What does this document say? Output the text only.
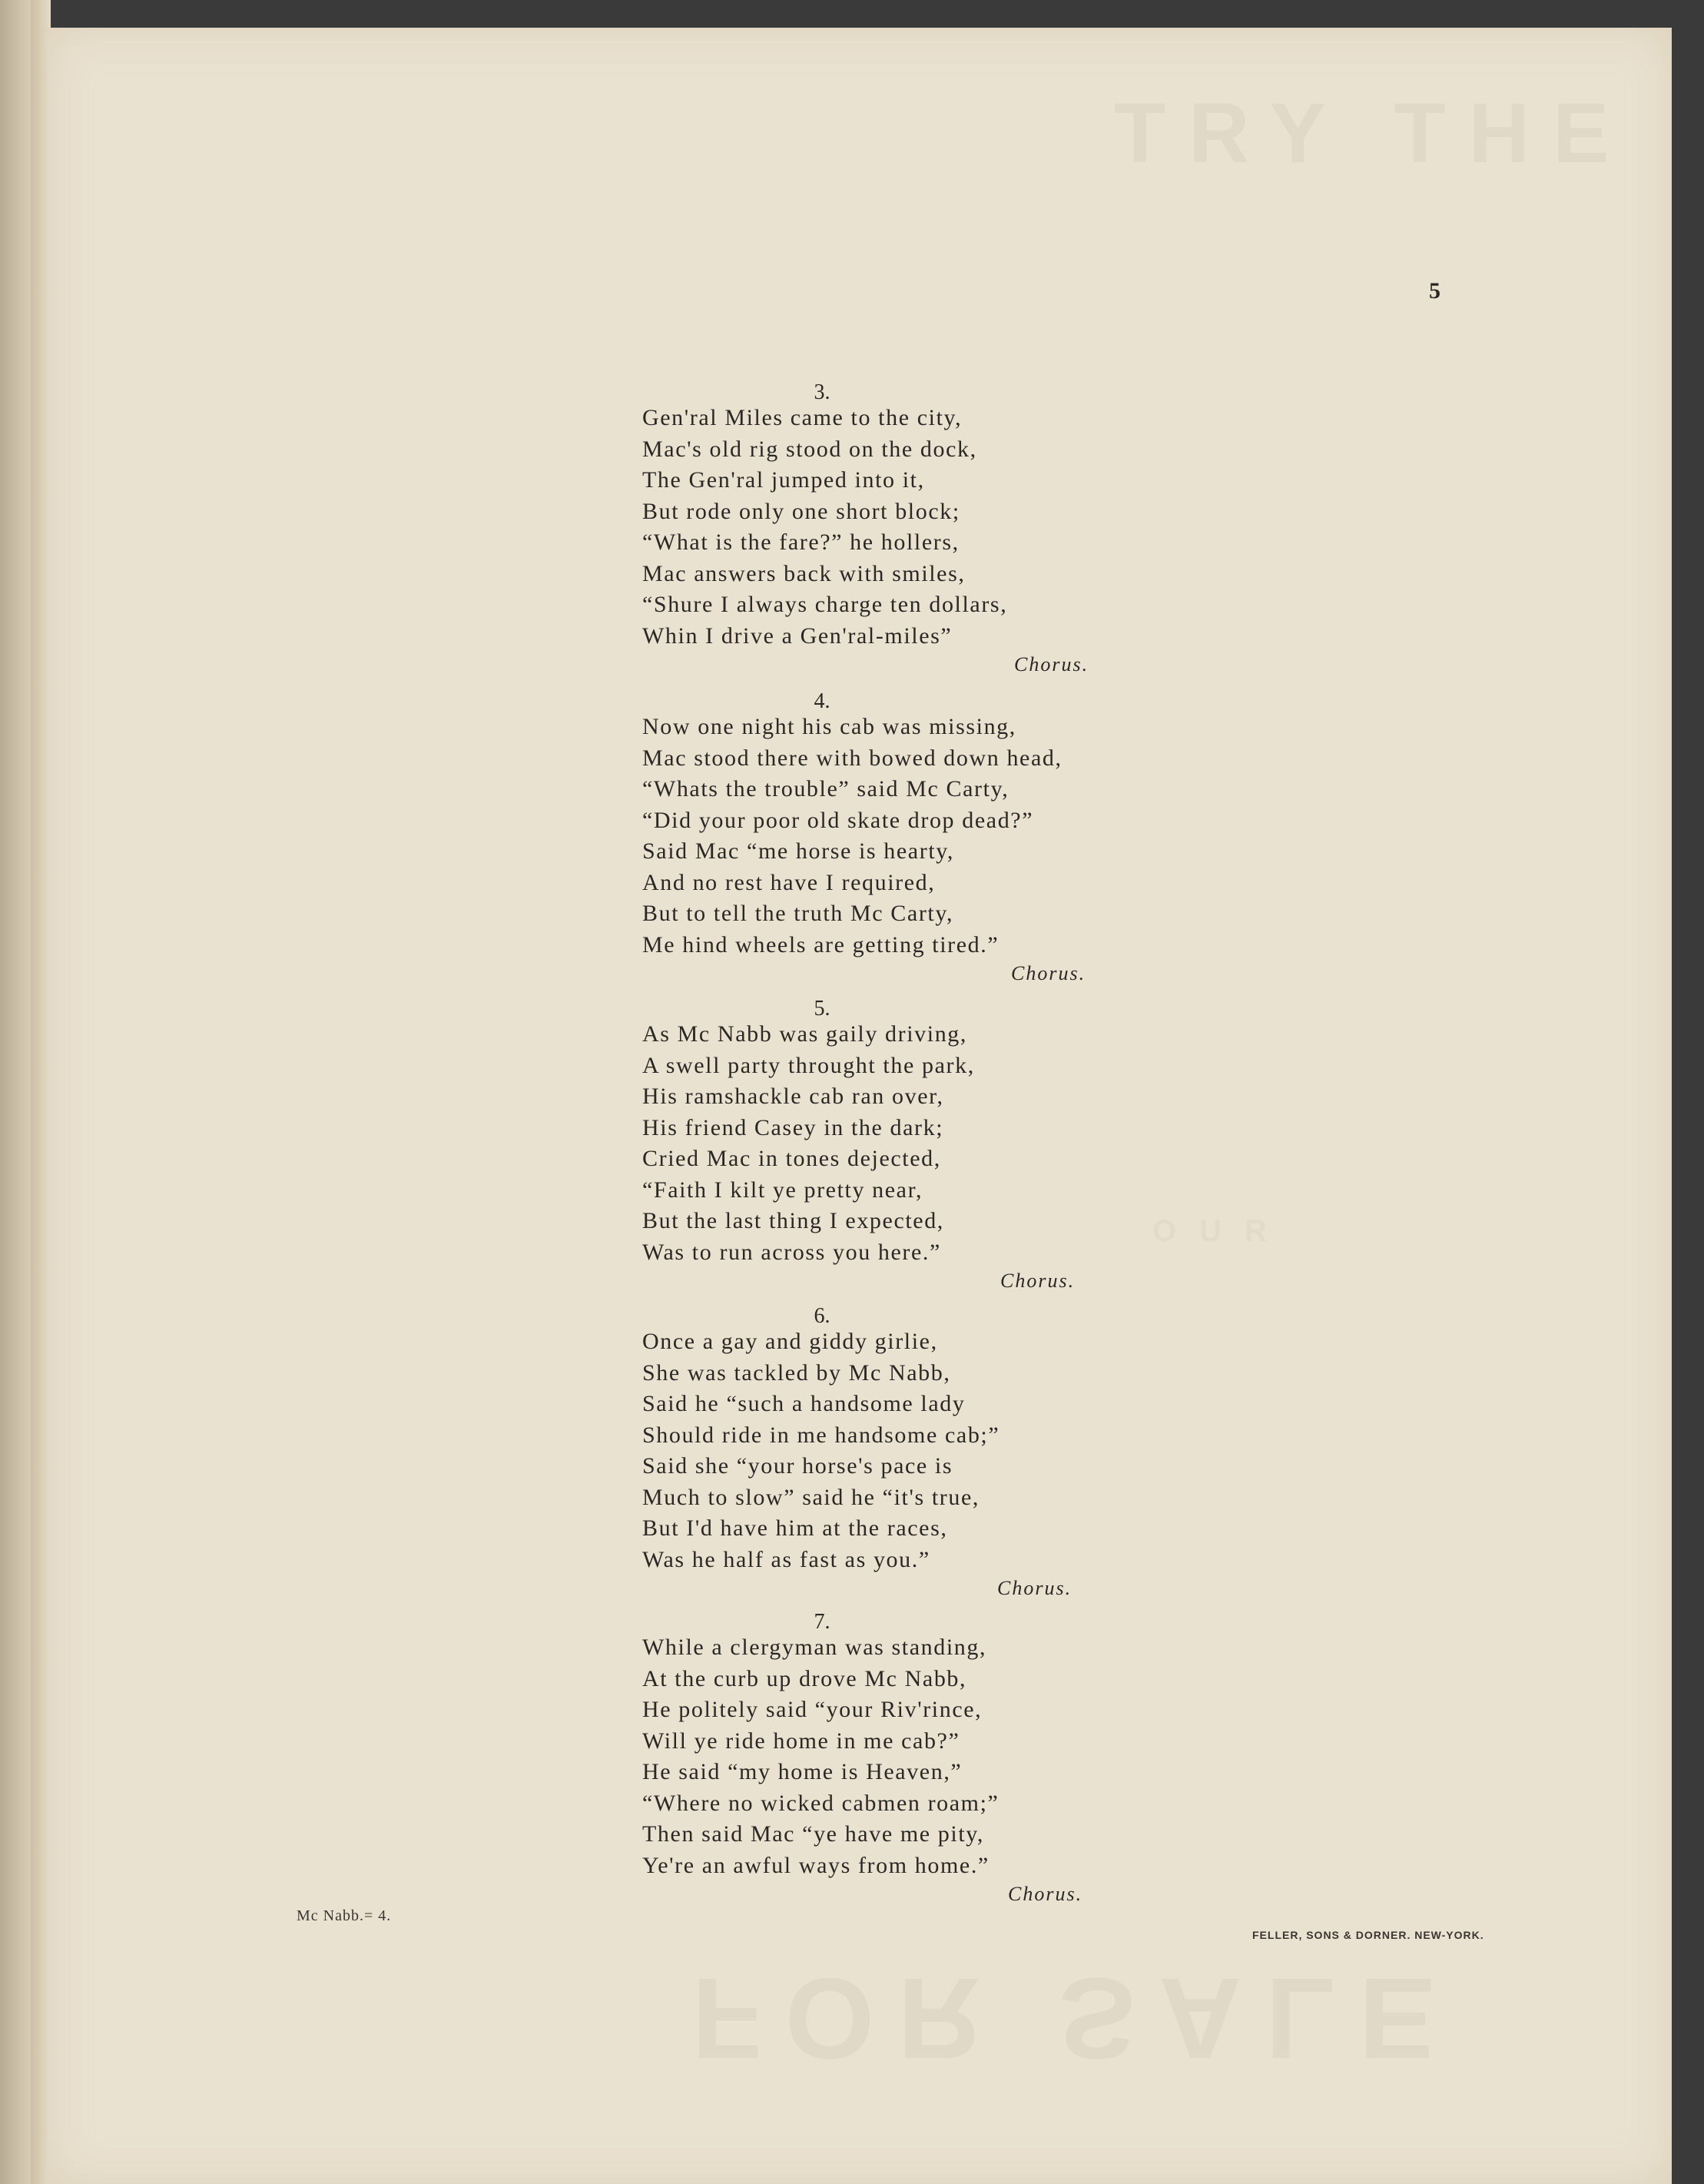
TRY THE
OUR
FOR SALE
5
3.
Gen'ral Miles came to the city,
Mac's old rig stood on the dock,
The Gen'ral jumped into it,
But rode only one short block;
“What is the fare?” he hollers,
Mac answers back with smiles,
“Shure I always charge ten dollars,
Whin I drive a Gen'ral-miles”
Chorus.
4.
Now one night his cab was missing,
Mac stood there with bowed down head,
“Whats the trouble” said Mc Carty,
“Did your poor old skate drop dead?”
Said Mac “me horse is hearty,
And no rest have I required,
But to tell the truth Mc Carty,
Me hind wheels are getting tired.”
Chorus.
5.
As Mc Nabb was gaily driving,
A swell party throught the park,
His ramshackle cab ran over,
His friend Casey in the dark;
Cried Mac in tones dejected,
“Faith I kilt ye pretty near,
But the last thing I expected,
Was to run across you here.”
Chorus.
6.
Once a gay and giddy girlie,
She was tackled by Mc Nabb,
Said he “such a handsome lady
Should ride in me handsome cab;”
Said she “your horse's pace is
Much to slow” said he “it's true,
But I'd have him at the races,
Was he half as fast as you.”
Chorus.
7.
While a clergyman was standing,
At the curb up drove Mc Nabb,
He politely said “your Riv'rince,
Will ye ride home in me cab?”
He said “my home is Heaven,”
“Where no wicked cabmen roam;”
Then said Mac “ye have me pity,
Ye're an awful ways from home.”
Chorus.
Mc Nabb.= 4.
FELLER, SONS & DORNER. NEW-YORK.
